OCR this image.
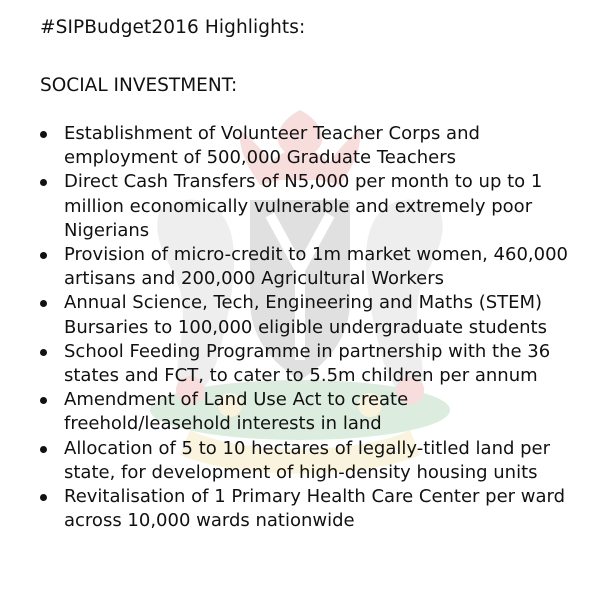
#SIPBudget2016 Highlights:
SOCIAL INVESTMENT:
Establishment of Volunteer Teacher Corps and employment of 500,000 Graduate Teachers
Direct Cash Transfers of N5,000 per month to up to 1 million economically vulnerable and extremely poor Nigerians
Provision of micro-credit to 1m market women, 460,000 artisans and 200,000 Agricultural Workers
Annual Science, Tech, Engineering and Maths (STEM) Bursaries to 100,000 eligible undergraduate students
School Feeding Programme in partnership with the 36 states and FCT, to cater to 5.5m children per annum
Amendment of Land Use Act to create freehold/leasehold interests in land
Allocation of 5 to 10 hectares of legally-titled land per state, for development of high-density housing units
Revitalisation of 1 Primary Health Care Center per ward across 10,000 wards nationwide
